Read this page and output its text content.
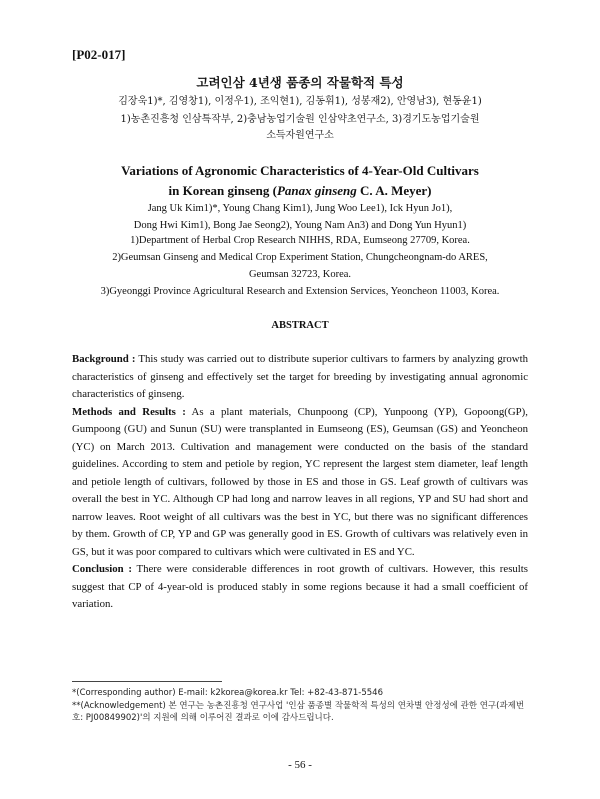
[P02-017]
고려인삼 4년생 품종의 작물학적 특성
김장욱1)*, 김영창1), 이정우1), 조익현1), 김동휘1), 성봉재2), 안영남3), 현동윤1)
1)농촌진흥청 인삼특작부, 2)충남농업기술원 인삼약초연구소, 3)경기도농업기술원
소득자원연구소
Variations of Agronomic Characteristics of 4-Year-Old Cultivars
in Korean ginseng (Panax ginseng C. A. Meyer)
Jang Uk Kim1)*, Young Chang Kim1), Jung Woo Lee1), Ick Hyun Jo1),
Dong Hwi Kim1), Bong Jae Seong2), Young Nam An3) and Dong Yun Hyun1)
1)Department of Herbal Crop Research NIHHS, RDA, Eumseong 27709, Korea.
2)Geumsan Ginseng and Medical Crop Experiment Station, Chungcheongnam-do ARES,
Geumsan 32723, Korea.
3)Gyeonggi Province Agricultural Research and Extension Services, Yeoncheon 11003, Korea.
ABSTRACT

Background : This study was carried out to distribute superior cultivars to farmers by analyzing growth characteristics of ginseng and effectively set the target for breeding by investigating annual agronomic characteristics of ginseng.

Methods and Results : As a plant materials, Chunpoong (CP), Yunpoong (YP), Gopoong(GP), Gumpoong (GU) and Sunun (SU) were transplanted in Eumseong (ES), Geumsan (GS) and Yeoncheon (YC) on March 2013. Cultivation and management were conducted on the basis of the standard guidelines. According to stem and petiole by region, YC represent the largest stem diameter, leaf length and petiole length of cultivars, followed by those in ES and those in GS. Leaf growth of cultivars was overall the best in YC. Although CP had long and narrow leaves in all regions, YP and SU had short and narrow leaves. Root weight of all cultivars was the best in YC, but there was no significant differences by them. Growth of CP, YP and GP was generally good in ES. Growth of cultivars was relatively even in GS, but it was poor compared to cultivars which were cultivated in ES and YC.

Conclusion : There were considerable differences in root growth of cultivars. However, this results suggest that CP of 4-year-old is produced stably in some regions because it had a small coefficient of variation.

*(Corresponding author) E-mail: k2korea@korea.kr Tel: +82-43-871-5546
**(Acknowledgement) 본 연구는 농촌진흥청 연구사업 '인삼 품종별 작물학적 특성의 연차별 안정성에 관한 연구(과제번호: PJ00849902)'의 지원에 의해 이루어진 결과로 이에 감사드립니다.
- 56 -
